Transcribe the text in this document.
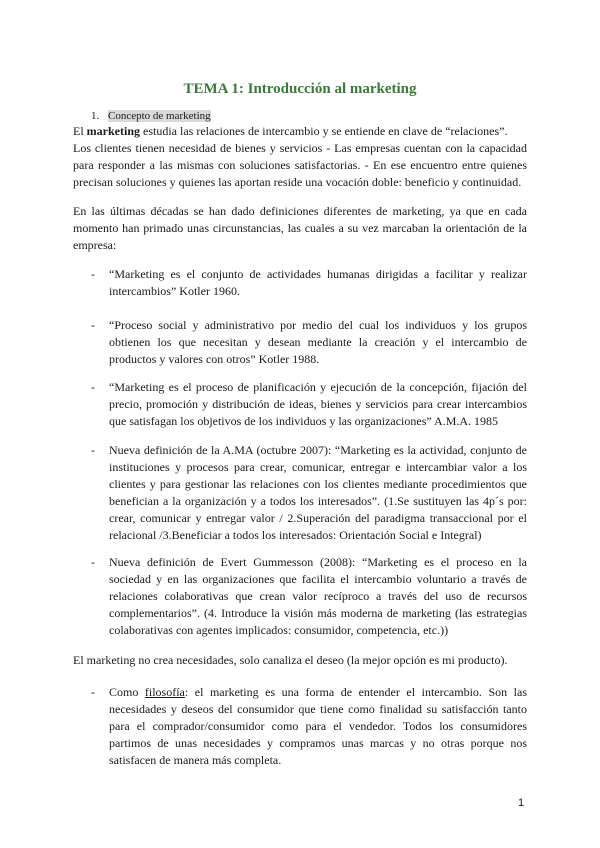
TEMA 1: Introducción al marketing
1. Concepto de marketing

El marketing estudia las relaciones de intercambio y se entiende en clave de “relaciones”.

Los clientes tienen necesidad de bienes y servicios - Las empresas cuentan con la capacidad para responder a las mismas con soluciones satisfactorias. - En ese encuentro entre quienes precisan soluciones y quienes las aportan reside una vocación doble: beneficio y continuidad.

En las últimas décadas se han dado definiciones diferentes de marketing, ya que en cada momento han primado unas circunstancias, las cuales a su vez marcaban la orientación de la empresa:
- “Marketing es el conjunto de actividades humanas dirigidas a facilitar y realizar intercambios” Kotler 1960.
- “Proceso social y administrativo por medio del cual los individuos y los grupos obtienen los que necesitan y desean mediante la creación y el intercambio de productos y valores con otros” Kotler 1988.
- “Marketing es el proceso de planificación y ejecución de la concepción, fijación del precio, promoción y distribución de ideas, bienes y servicios para crear intercambios que satisfagan los objetivos de los individuos y las organizaciones” A.M.A. 1985
- Nueva definición de la A.MA (octubre 2007): “Marketing es la actividad, conjunto de instituciones y procesos para crear, comunicar, entregar e intercambiar valor a los clientes y para gestionar las relaciones con los clientes mediante procedimientos que benefician a la organización y a todos los interesados”. (1.Se sustituyen las 4p´s por: crear, comunicar y entregar valor / 2.Superación del paradigma transaccional por el relacional /3.Beneficiar a todos los interesados: Orientación Social e Integral)
- Nueva definición de Evert Gummesson (2008): “Marketing es el proceso en la sociedad y en las organizaciones que facilita el intercambio voluntario a través de relaciones colaborativas que crean valor recíproco a través del uso de recursos complementarios”. (4. Introduce la visión más moderna de marketing (las estrategias colaborativas con agentes implicados: consumidor, competencia, etc.))
El marketing no crea necesidades, solo canaliza el deseo (la mejor opción es mi producto).
- Como filosofía: el marketing es una forma de entender el intercambio. Son las necesidades y deseos del consumidor que tiene como finalidad su satisfacción tanto para el comprador/consumidor como para el vendedor. Todos los consumidores partimos de unas necesidades y compramos unas marcas y no otras porque nos satisfacen de manera más completa.
1
